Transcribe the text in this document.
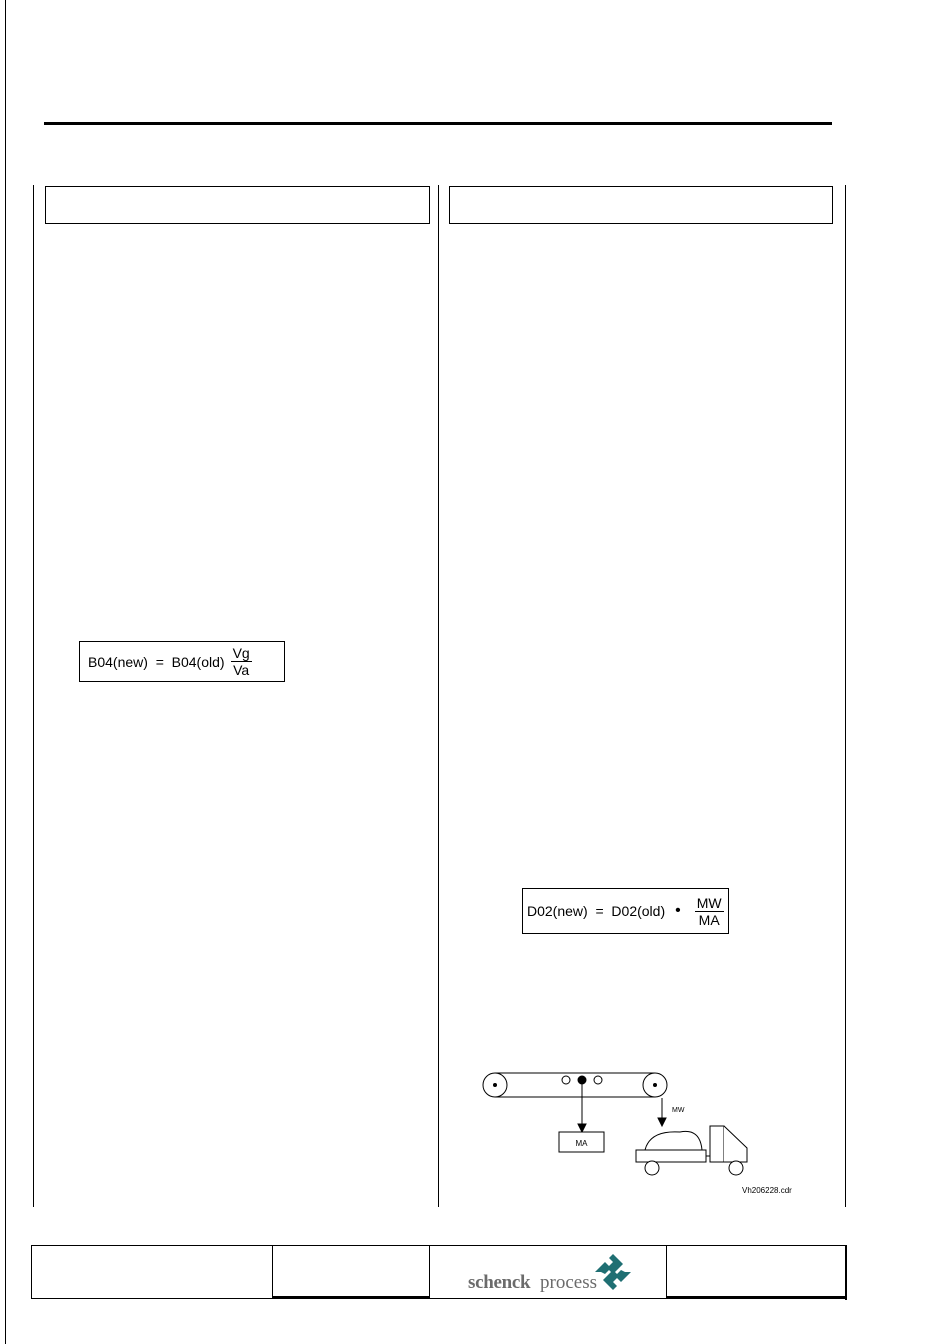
$B04(new) = B04(old) \frac{Vg}{Va}$
D02(new)  =  D02(old) • $\frac{MW}{MA}$
MA
MW
Vh206228.cdr
schenck process
